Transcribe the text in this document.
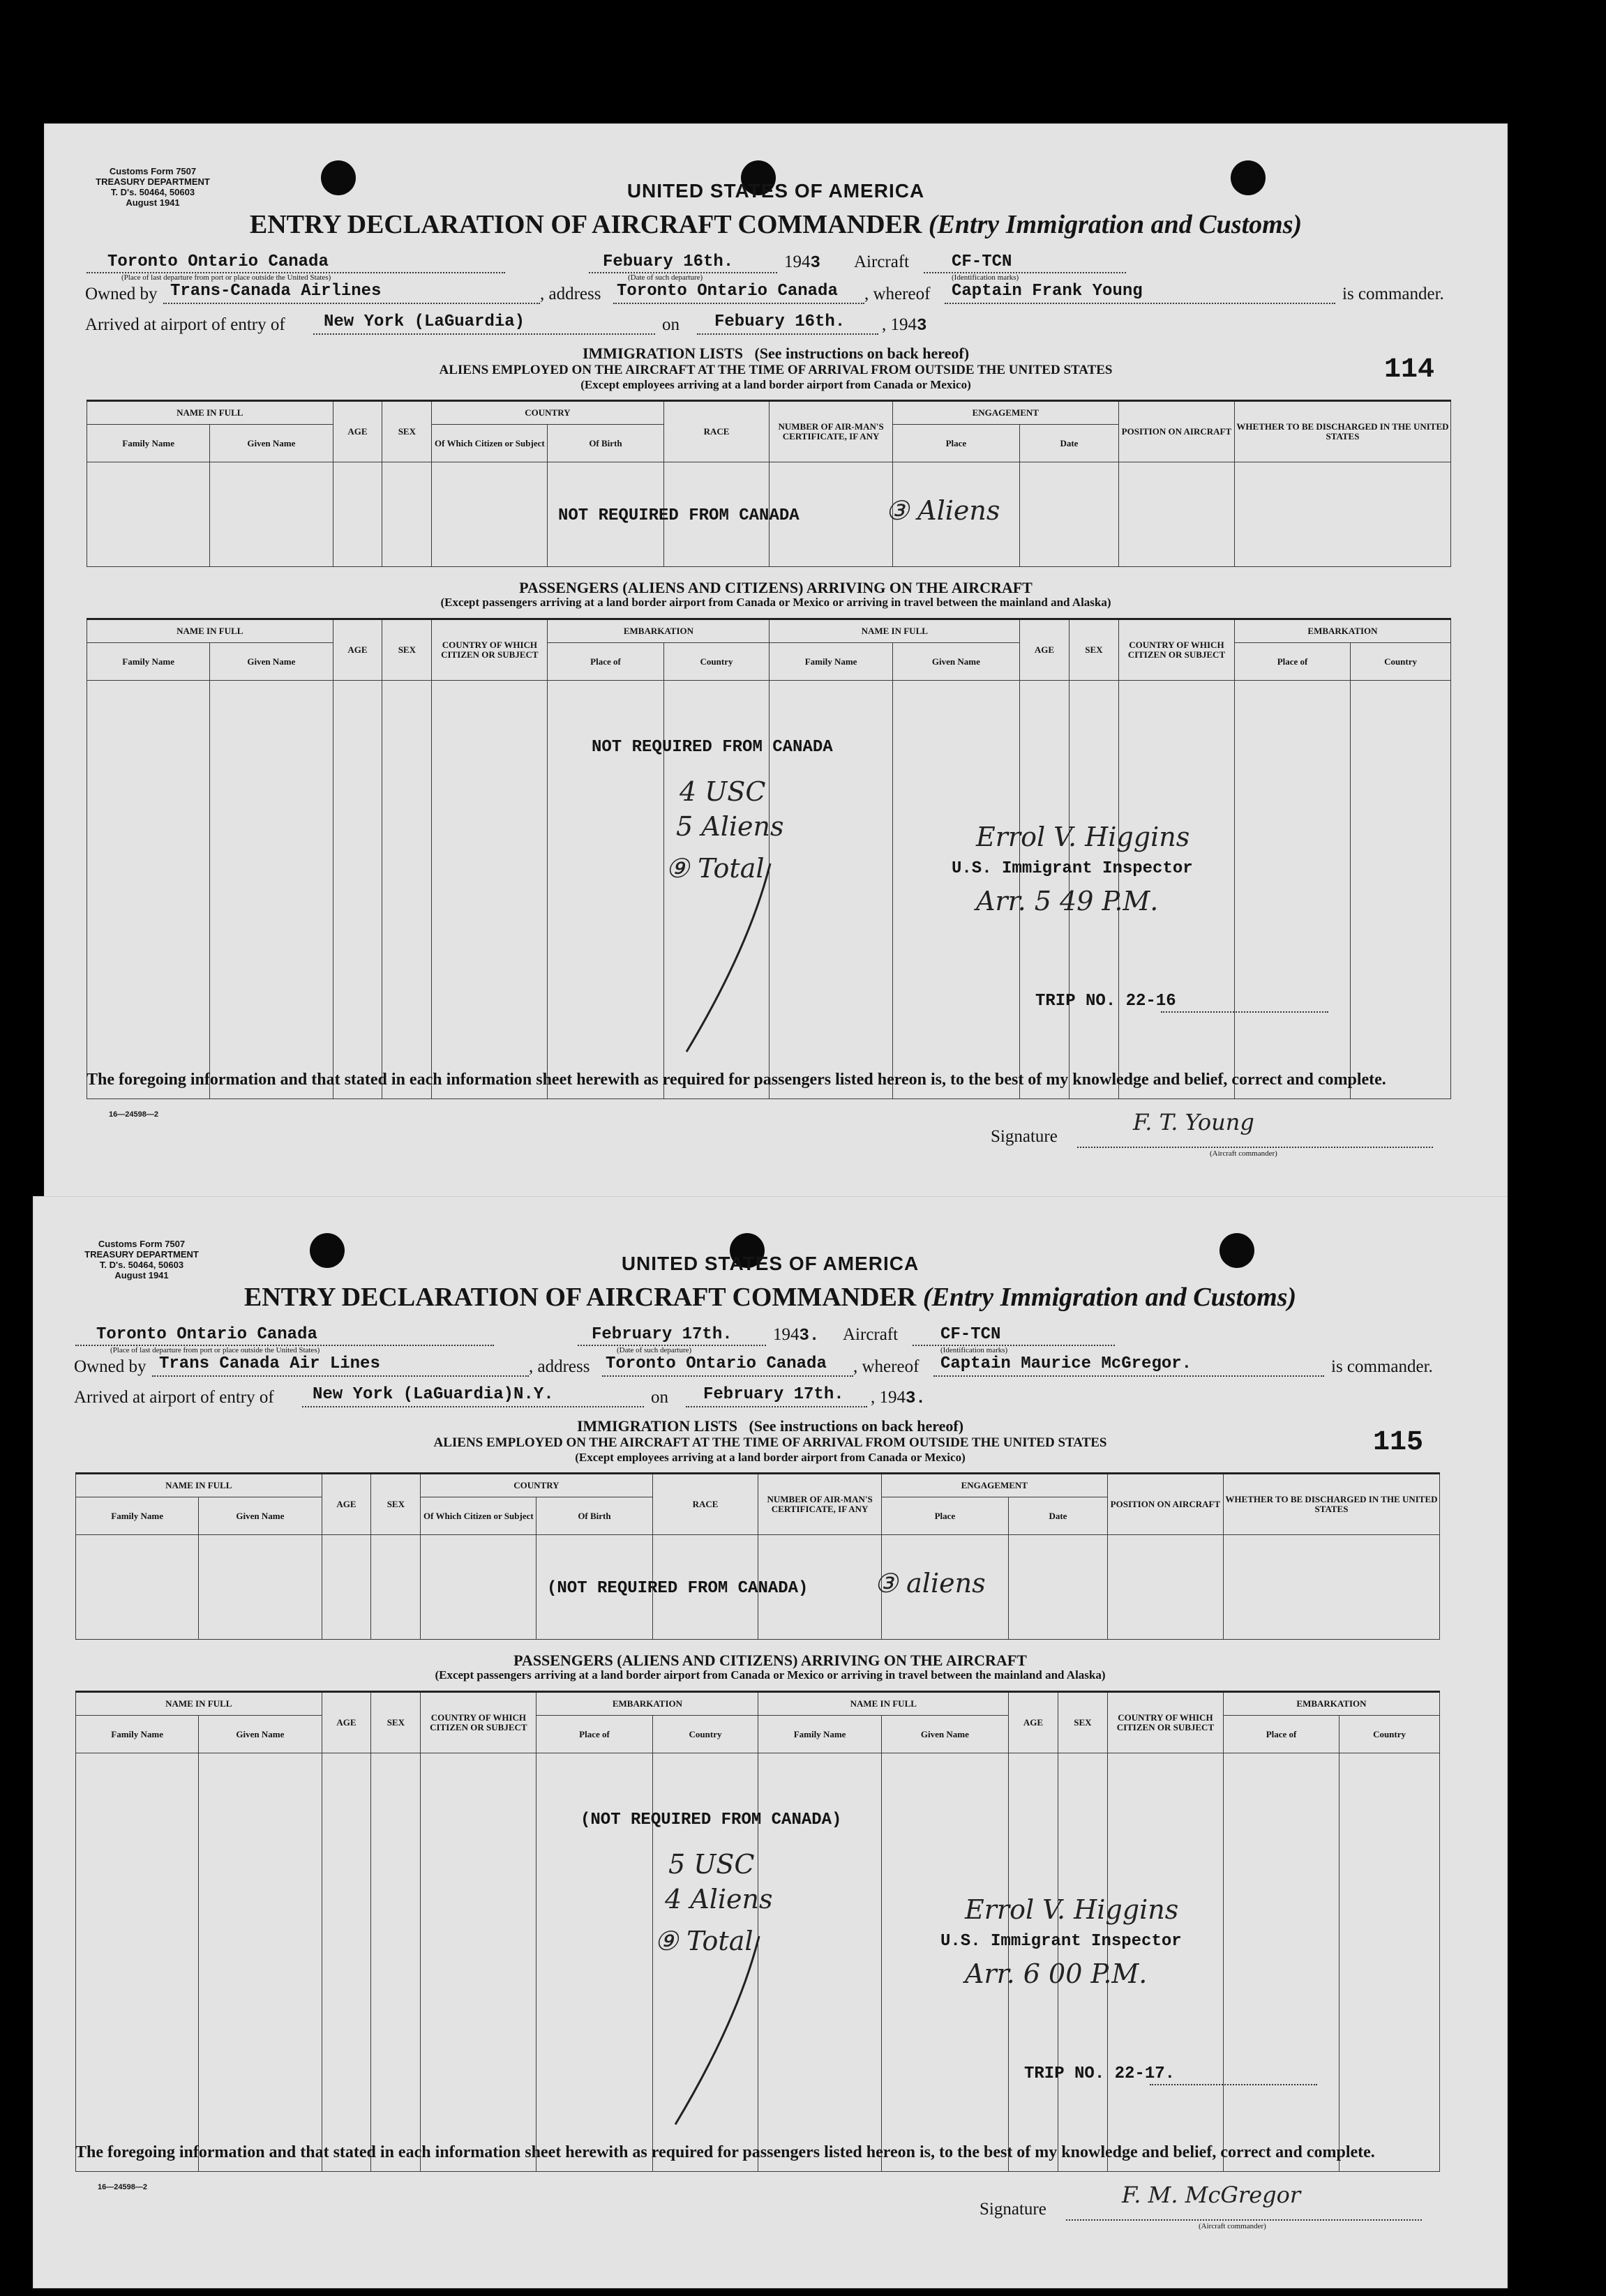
Customs Form 7507
TREASURY DEPARTMENT
T. D's. 50464, 50603
August 1941
UNITED STATES OF AMERICA
ENTRY DECLARATION OF AIRCRAFT COMMANDER (Entry Immigration and Customs)
Toronto Ontario Canada
(Place of last departure from port or place outside the United States)
Febuary 16th.
(Date of such departure)
1943 Aircraft	CF-TCN
(Identification marks)
Owned by Trans-Canada Airlines	, address Toronto Ontario Canada , whereof Captain Frank Young	is commander.
Arrived at airport of entry of New York (LaGuardia)	on Febuary 16th. , 1943
IMMIGRATION LISTS (See instructions on back hereof)
ALIENS EMPLOYED ON THE AIRCRAFT AT THE TIME OF ARRIVAL FROM OUTSIDE THE UNITED STATES
(Except employees arriving at a land border airport from Canada or Mexico)	114
NAME IN FULL		AGE	SEX	COUNTRY		RACE	NUMBER OF AIR-MAN'S CERTIFICATE, IF ANY	ENGAGEMENT		POSITION ON AIRCRAFT	WHETHER TO BE DISCHARGED IN THE UNITED STATES
Family Name	Given Name			Of Which Citizen or Subject	Of Birth			Place	Date		

NOT REQUIRED FROM CANADA	③ Aliens
PASSENGERS (ALIENS AND CITIZENS) ARRIVING ON THE AIRCRAFT
(Except passengers arriving at a land border airport from Canada or Mexico or arriving in travel between the mainland and Alaska)
NAME IN FULL		AGE	SEX	COUNTRY OF WHICH CITIZEN OR SUBJECT	EMBARKATION		NAME IN FULL		AGE	SEX	COUNTRY OF WHICH CITIZEN OR SUBJECT	EMBARKATION	
Family Name	Given Name				Place of	Country	Family Name	Given Name				Place of	Country

NOT REQUIRED FROM CANADA
4 USC
5 Aliens
⑨ Total
Errol V. Higgins
U.S. Immigrant Inspector
Arr. 5 49 P.M.
TRIP NO. 22-16
The foregoing information and that stated in each information sheet herewith as required for passengers listed hereon is, to the best of my knowledge and belief, correct and complete.
16—24598—2
Signature
(Aircraft commander)
F. T. Young
Customs Form 7507
TREASURY DEPARTMENT
T. D's. 50464, 50603
August 1941
UNITED STATES OF AMERICA
ENTRY DECLARATION OF AIRCRAFT COMMANDER (Entry Immigration and Customs)
Toronto Ontario Canada
(Place of last departure from port or place outside the United States)
February 17th.
(Date of such departure)
1943. Aircraft	CF-TCN
(Identification marks)
Owned by Trans Canada Air Lines	, address Toronto Ontario Canada , whereof Captain Maurice McGregor.	is commander.
Arrived at airport of entry of New York (LaGuardia)N.Y.	on February 17th. , 1943.
IMMIGRATION LISTS (See instructions on back hereof)
ALIENS EMPLOYED ON THE AIRCRAFT AT THE TIME OF ARRIVAL FROM OUTSIDE THE UNITED STATES
(Except employees arriving at a land border airport from Canada or Mexico)	115
NAME IN FULL		AGE	SEX	COUNTRY		RACE	NUMBER OF AIR-MAN'S CERTIFICATE, IF ANY	ENGAGEMENT		POSITION ON AIRCRAFT	WHETHER TO BE DISCHARGED IN THE UNITED STATES
Family Name	Given Name			Of Which Citizen or Subject	Of Birth			Place	Date		

(NOT REQUIRED FROM CANADA) ③ aliens
PASSENGERS (ALIENS AND CITIZENS) ARRIVING ON THE AIRCRAFT
(Except passengers arriving at a land border airport from Canada or Mexico or arriving in travel between the mainland and Alaska)
NAME IN FULL		AGE	SEX	COUNTRY OF WHICH CITIZEN OR SUBJECT	EMBARKATION		NAME IN FULL		AGE	SEX	COUNTRY OF WHICH CITIZEN OR SUBJECT	EMBARKATION	
Family Name	Given Name				Place of	Country	Family Name	Given Name				Place of	Country

(NOT REQUIRED FROM CANADA)
5 USC
4 Aliens
⑨ Total
Errol V. Higgins
U.S. Immigrant Inspector
Arr. 6 00 P.M.
TRIP NO. 22-17.
The foregoing information and that stated in each information sheet herewith as required for passengers listed hereon is, to the best of my knowledge and belief, correct and complete.
16—24598—2
Signature
(Aircraft commander)
F. M. McGregor
